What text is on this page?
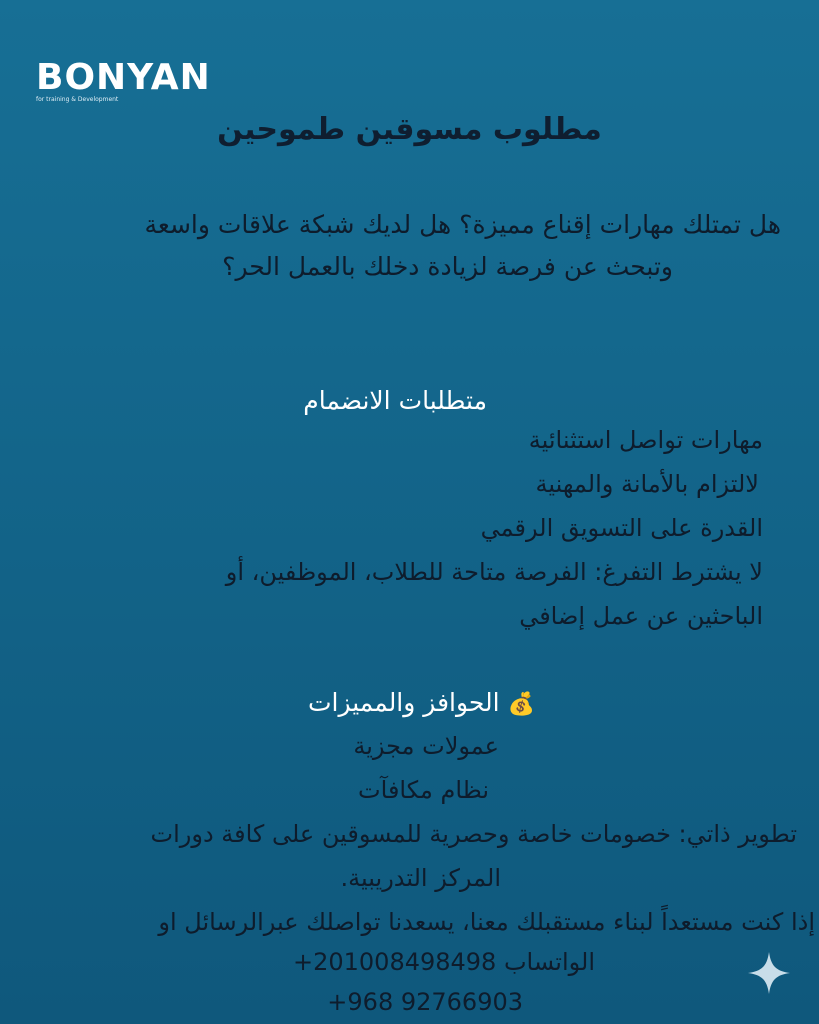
BONYAN
for training & Development
مطلوب مسوقين طموحين
هل تمتلك مهارات إقناع مميزة؟ هل لديك شبكة علاقات واسعة
وتبحث عن فرصة لزيادة دخلك بالعمل الحر؟
متطلبات الانضمام
مهارات تواصل استثنائية
لالتزام بالأمانة والمهنية
القدرة على التسويق الرقمي
لا يشترط التفرغ: الفرصة متاحة للطلاب، الموظفين، أو
الباحثين عن عمل إضافي
💰الحوافز والمميزات
عمولات مجزية
نظام مكافآت
تطوير ذاتي: خصومات خاصة وحصرية للمسوقين على كافة دورات
المركز التدريبية.
إذا كنت مستعداً لبناء مستقبلك معنا، يسعدنا تواصلك عبرالرسائل او
الواتساب 201008498498+
+968 92766903
